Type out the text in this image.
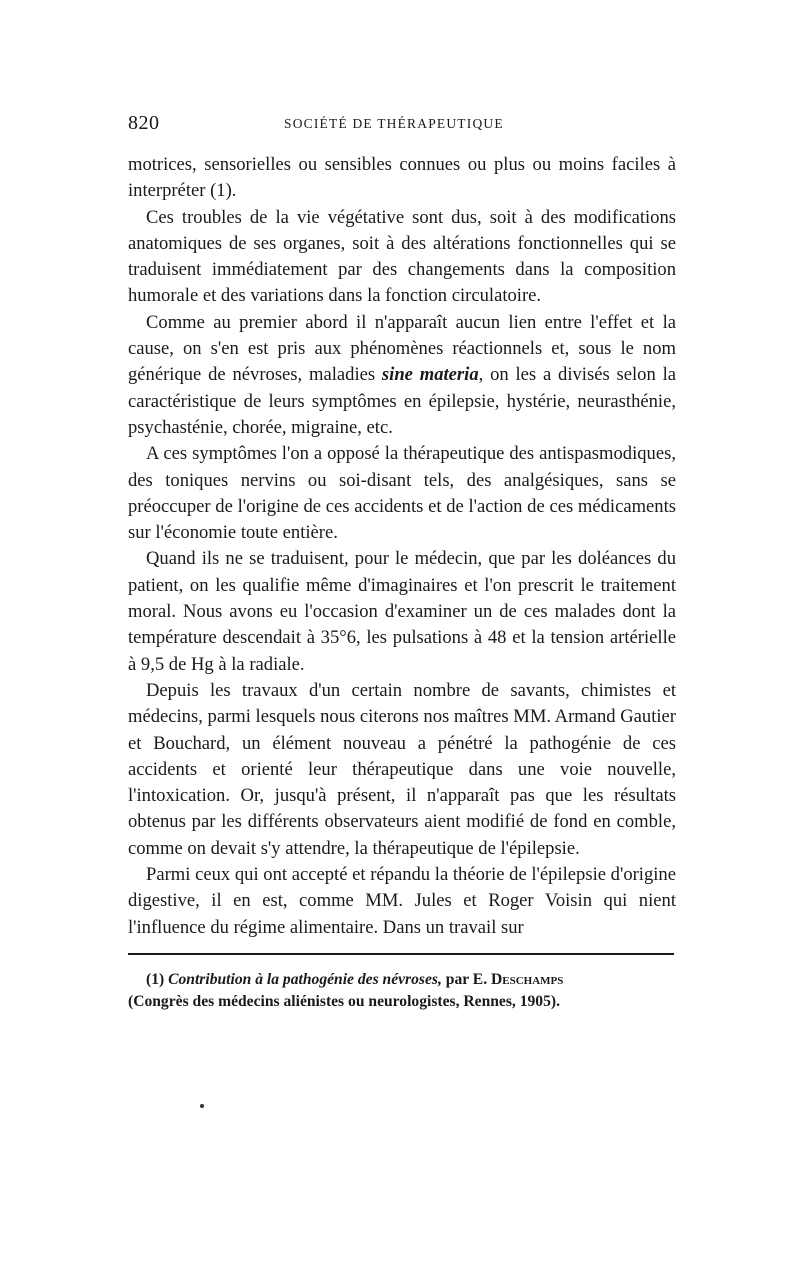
820	SOCIÉTÉ DE THÉRAPEUTIQUE

motrices, sensorielles ou sensibles connues ou plus ou moins faciles à interpréter (1).

Ces troubles de la vie végétative sont dus, soit à des modifications anatomiques de ses organes, soit à des altérations fonctionnelles qui se traduisent immédiatement par des changements dans la composition humorale et des variations dans la fonction circulatoire.

Comme au premier abord il n'apparaît aucun lien entre l'effet et la cause, on s'en est pris aux phénomènes réactionnels et, sous le nom générique de névroses, maladies sine materia, on les a divisés selon la caractéristique de leurs symptômes en épilepsie, hystérie, neurasthénie, psychasténie, chorée, migraine, etc.

A ces symptômes l'on a opposé la thérapeutique des antispasmodiques, des toniques nervins ou soi-disant tels, des analgésiques, sans se préoccuper de l'origine de ces accidents et de l'action de ces médicaments sur l'économie toute entière.

Quand ils ne se traduisent, pour le médecin, que par les doléances du patient, on les qualifie même d'imaginaires et l'on prescrit le traitement moral. Nous avons eu l'occasion d'examiner un de ces malades dont la température descendait à 35°6, les pulsations à 48 et la tension artérielle à 9,5 de Hg à la radiale.

Depuis les travaux d'un certain nombre de savants, chimistes et médecins, parmi lesquels nous citerons nos maîtres MM. Armand Gautier et Bouchard, un élément nouveau a pénétré la pathogénie de ces accidents et orienté leur thérapeutique dans une voie nouvelle, l'intoxication. Or, jusqu'à présent, il n'apparaît pas que les résultats obtenus par les différents observateurs aient modifié de fond en comble, comme on devait s'y attendre, la thérapeutique de l'épilepsie.

Parmi ceux qui ont accepté et répandu la théorie de l'épilepsie d'origine digestive, il en est, comme MM. Jules et Roger Voisin qui nient l'influence du régime alimentaire. Dans un travail sur

(1) Contribution à la pathogénie des névroses, par E. Deschamps
(Congrès des médecins aliénistes ou neurologistes, Rennes, 1905).
